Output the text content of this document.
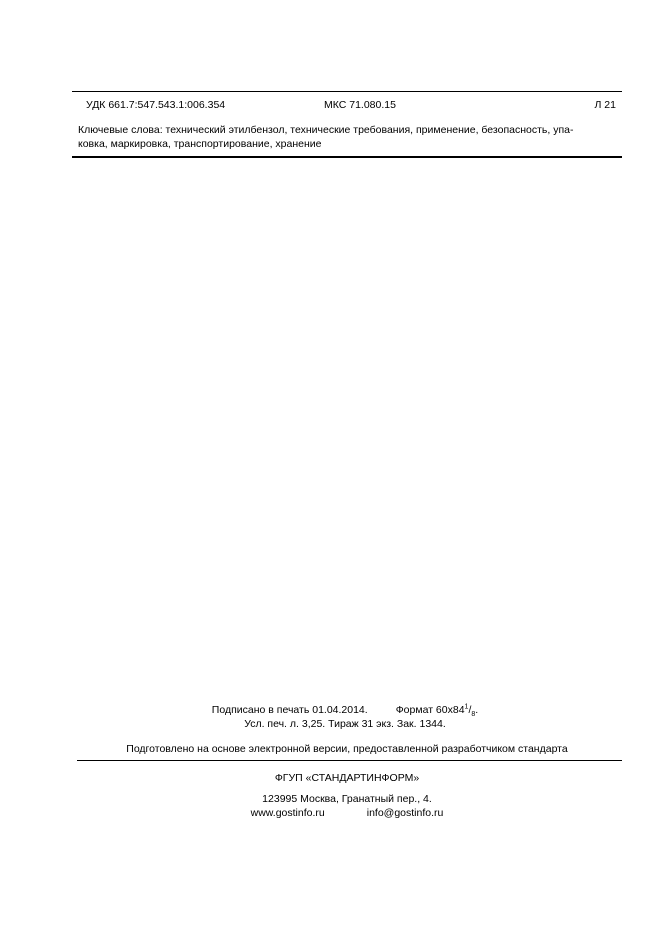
УДК 661.7:547.543.1:006.354	МКС 71.080.15	Л 21

Ключевые слова: технический этилбензол, технические требования, применение, безопасность, упа-

ковка, маркировка, транспортирование, хранение

Подписано в печать 01.04.2014.	Формат $60х84^1/_8$.
Усл. печ. л. 3,25. Тираж 31 экз. Зак. 1344.
Подготовлено на основе электронной версии, предоставленной разработчиком стандарта
ФГУП «СТАНДАРТИНФОРМ»
123995 Москва, Гранатный пер., 4.
www.gostinfo.ru	info@gostinfo.ru
